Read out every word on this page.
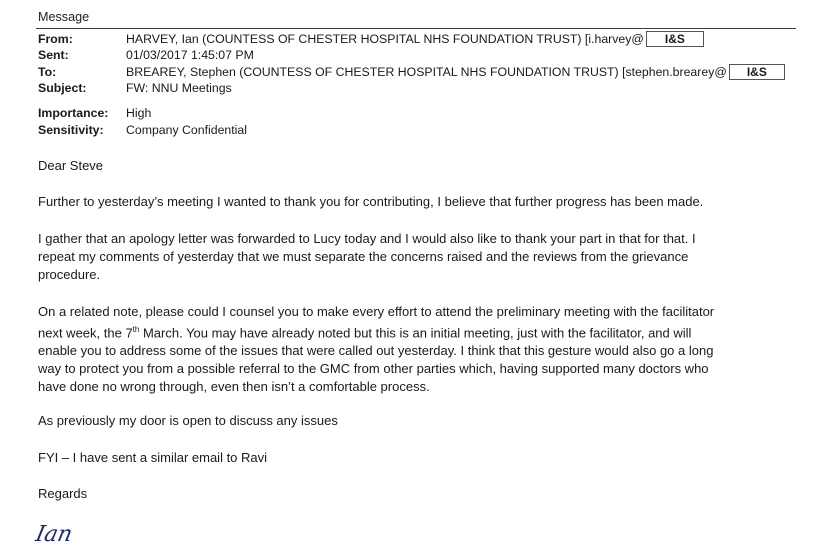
Message
From:	HARVEY, Ian (COUNTESS OF CHESTER HOSPITAL NHS FOUNDATION TRUST) [i.harvey@ I&S
Sent:	01/03/2017 1:45:07 PM
To:	BREAREY, Stephen (COUNTESS OF CHESTER HOSPITAL NHS FOUNDATION TRUST) [stephen.brearey@ I&S
Subject:	FW: NNU Meetings
Importance: High
Sensitivity: Company Confidential
Dear Steve
Further to yesterday’s meeting I wanted to thank you for contributing, I believe that further progress has been made.
I gather that an apology letter was forwarded to Lucy today and I would also like to thank your part in that for that. I
repeat my comments of yesterday that we must separate the concerns raised and the reviews from the grievance
procedure.
On a related note, please could I counsel you to make every effort to attend the preliminary meeting with the facilitator
next week, the 7th March. You may have already noted but this is an initial meeting, just with the facilitator, and will
enable you to address some of the issues that were called out yesterday. I think that this gesture would also go a long
way to protect you from a possible referral to the GMC from other parties which, having supported many doctors who
have done no wrong through, even then isn’t a comfortable process.
As previously my door is open to discuss any issues
FYI – I have sent a similar email to Ravi
Regards
Ian
